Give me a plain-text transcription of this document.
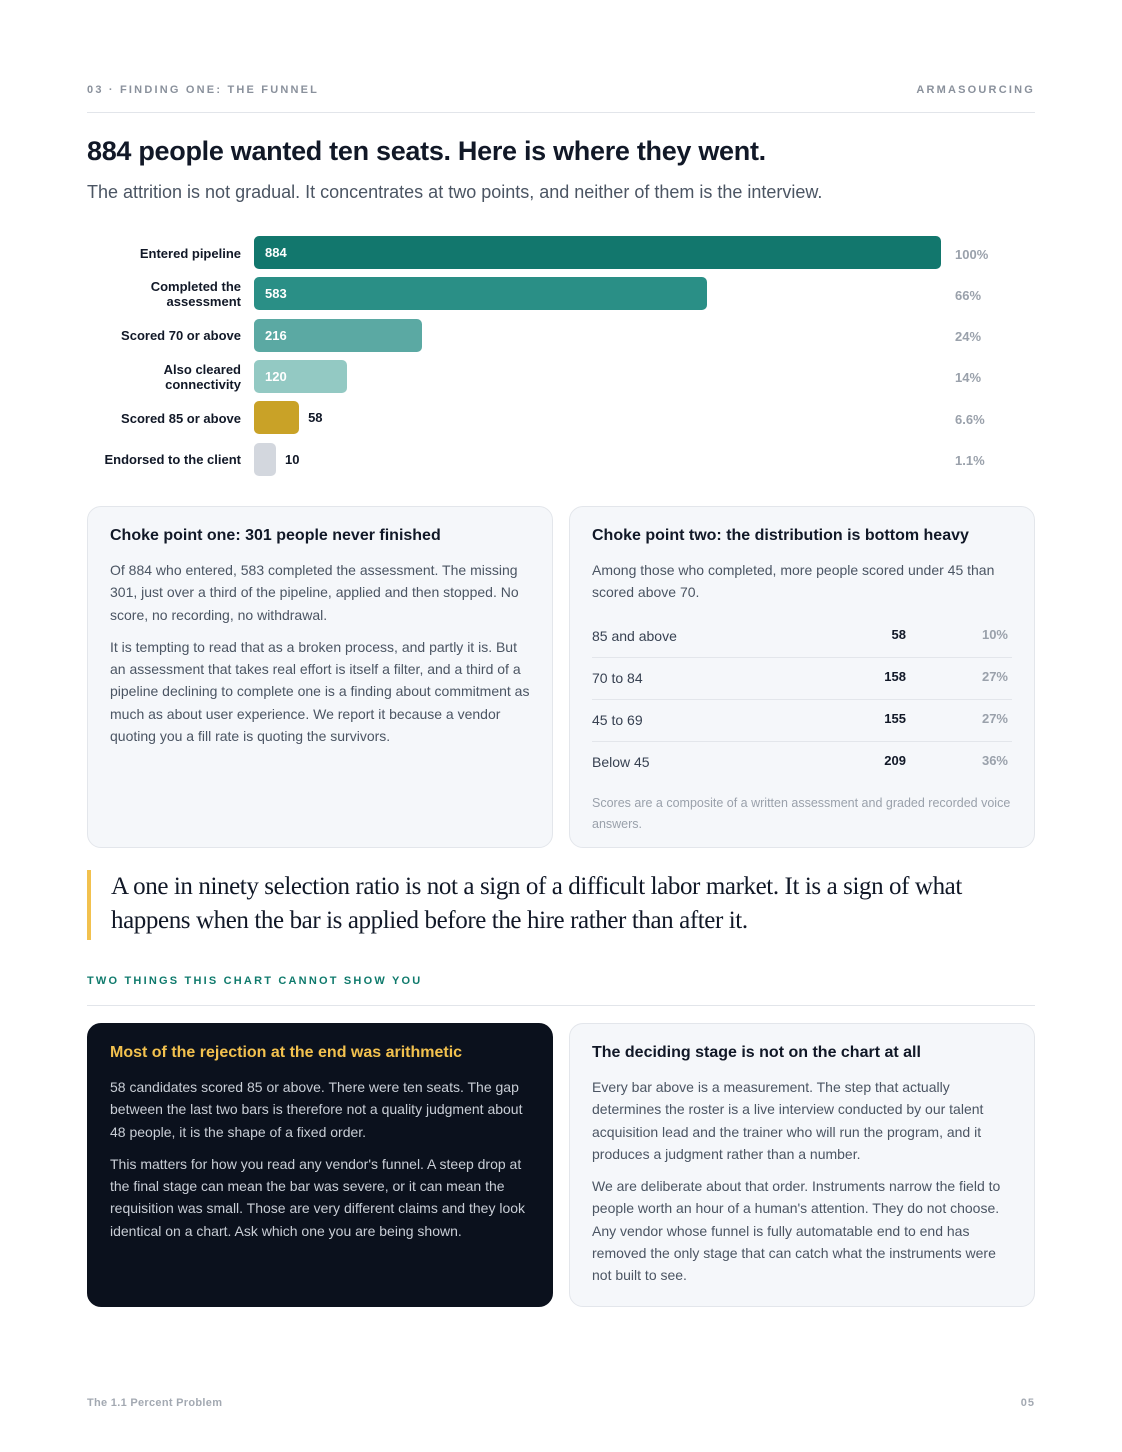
03 · FINDING ONE: THE FUNNEL	ARMASOURCING
884 people wanted ten seats. Here is where they went.

The attrition is not gradual. It concentrates at two points, and neither of them is the interview.

Entered pipeline 884	100%
Completed the
assessment
583	66%
Scored 70 or above 216	24%
Also cleared
connectivity
120	14%
Scored 85 or above	58	6.6%
Endorsed to the client	10	1.1%
Choke point one: 301 people never finished

Of 884 who entered, 583 completed the assessment. The missing 301, just over a third of the pipeline, applied and then stopped. No score, no recording, no withdrawal.

It is tempting to read that as a broken process, and partly it is. But an assessment that takes real effort is itself a filter, and a third of a pipeline declining to complete one is a finding about commitment as much as about user experience. We report it because a vendor quoting you a fill rate is quoting the survivors.

Choke point two: the distribution is bottom heavy

Among those who completed, more people scored under 45 than scored above 70.

85 and above	58	10%
70 to 84	158	27%
45 to 69	155	27%
Below 45	209	36%
Scores are a composite of a written assessment and graded recorded voice answers.

A one in ninety selection ratio is not a sign of a difficult labor market. It is a sign of what

happens when the bar is applied before the hire rather than after it.

TWO THINGS THIS CHART CANNOT SHOW YOU
Most of the rejection at the end was arithmetic

58 candidates scored 85 or above. There were ten seats. The gap between the last two bars is therefore not a quality judgment about 48 people, it is the shape of a fixed order.

This matters for how you read any vendor's funnel. A steep drop at the final stage can mean the bar was severe, or it can mean the requisition was small. Those are very different claims and they look identical on a chart. Ask which one you are being shown.

The deciding stage is not on the chart at all

Every bar above is a measurement. The step that actually determines the roster is a live interview conducted by our talent acquisition lead and the trainer who will run the program, and it produces a judgment rather than a number.

We are deliberate about that order. Instruments narrow the field to people worth an hour of a human's attention. They do not choose. Any vendor whose funnel is fully automatable end to end has removed the only stage that can catch what the instruments were not built to see.

The 1.1 Percent Problem	05
